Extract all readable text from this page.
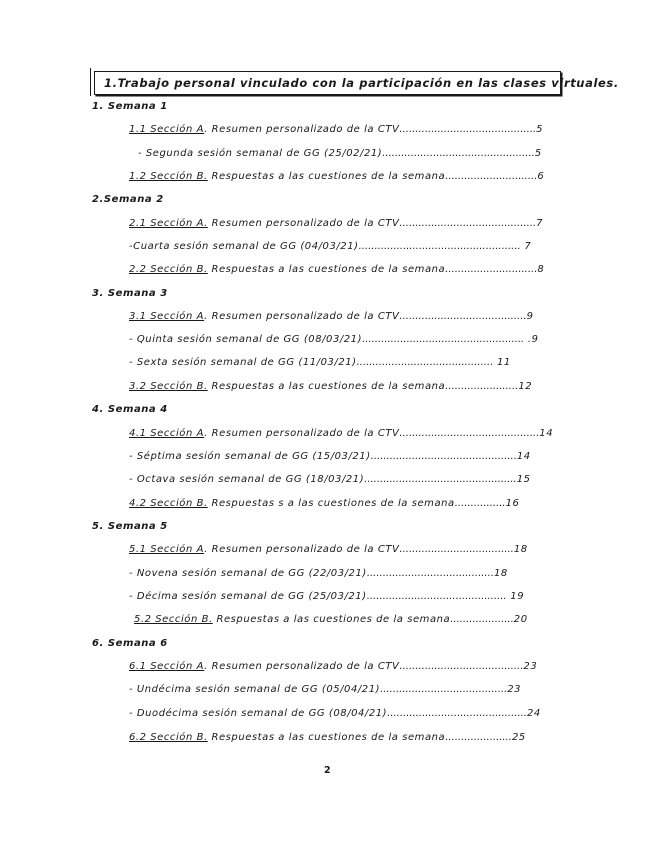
1.Trabajo personal vinculado con la participación en las clases virtuales.
1. Semana 1
1.1 Sección A. Resumen personalizado de la CTV...........................................5
- Segunda sesión semanal de GG (25/02/21)................................................5
1.2 Sección B. Respuestas a las cuestiones de la semana.............................6
2.Semana 2
2.1 Sección A. Resumen personalizado de la CTV...........................................7
-Cuarta sesión semanal de GG (04/03/21)................................................... 7
2.2 Sección B. Respuestas a las cuestiones de la semana.............................8
3. Semana 3
3.1 Sección A. Resumen personalizado de la CTV........................................9
- Quinta sesión semanal de GG (08/03/21)................................................... .9
- Sexta sesión semanal de GG (11/03/21)........................................... 11
3.2 Sección B. Respuestas a las cuestiones de la semana.......................12
4. Semana 4
4.1 Sección A. Resumen personalizado de la CTV............................................14
- Séptima sesión semanal de GG (15/03/21)..............................................14
- Octava sesión semanal de GG (18/03/21)................................................15
4.2 Sección B. Respuestas s a las cuestiones de la semana................16
5. Semana 5
5.1 Sección A. Resumen personalizado de la CTV....................................18
- Novena sesión semanal de GG (22/03/21)........................................18
- Décima sesión semanal de GG (25/03/21)............................................ 19
5.2 Sección B. Respuestas a las cuestiones de la semana....................20
6. Semana 6
6.1 Sección A. Resumen personalizado de la CTV.......................................23
- Undécima sesión semanal de GG (05/04/21)........................................23
- Duodécima sesión semanal de GG (08/04/21)............................................24
6.2 Sección B. Respuestas a las cuestiones de la semana.....................25
2
